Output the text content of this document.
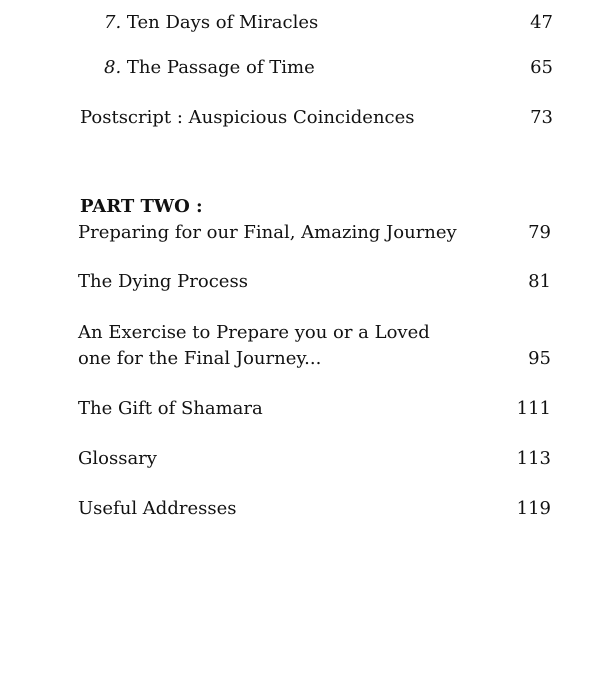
7. Ten Days of Miracles	47
8. The Passage of Time	65
Postscript : Auspicious Coincidences	73
PART TWO :
Preparing for our Final, Amazing Journey	79
The Dying Process	81
An Exercise to Prepare you or a Loved
one for the Final Journey...	95
The Gift of Shamara	111
Glossary	113
Useful Addresses	119
